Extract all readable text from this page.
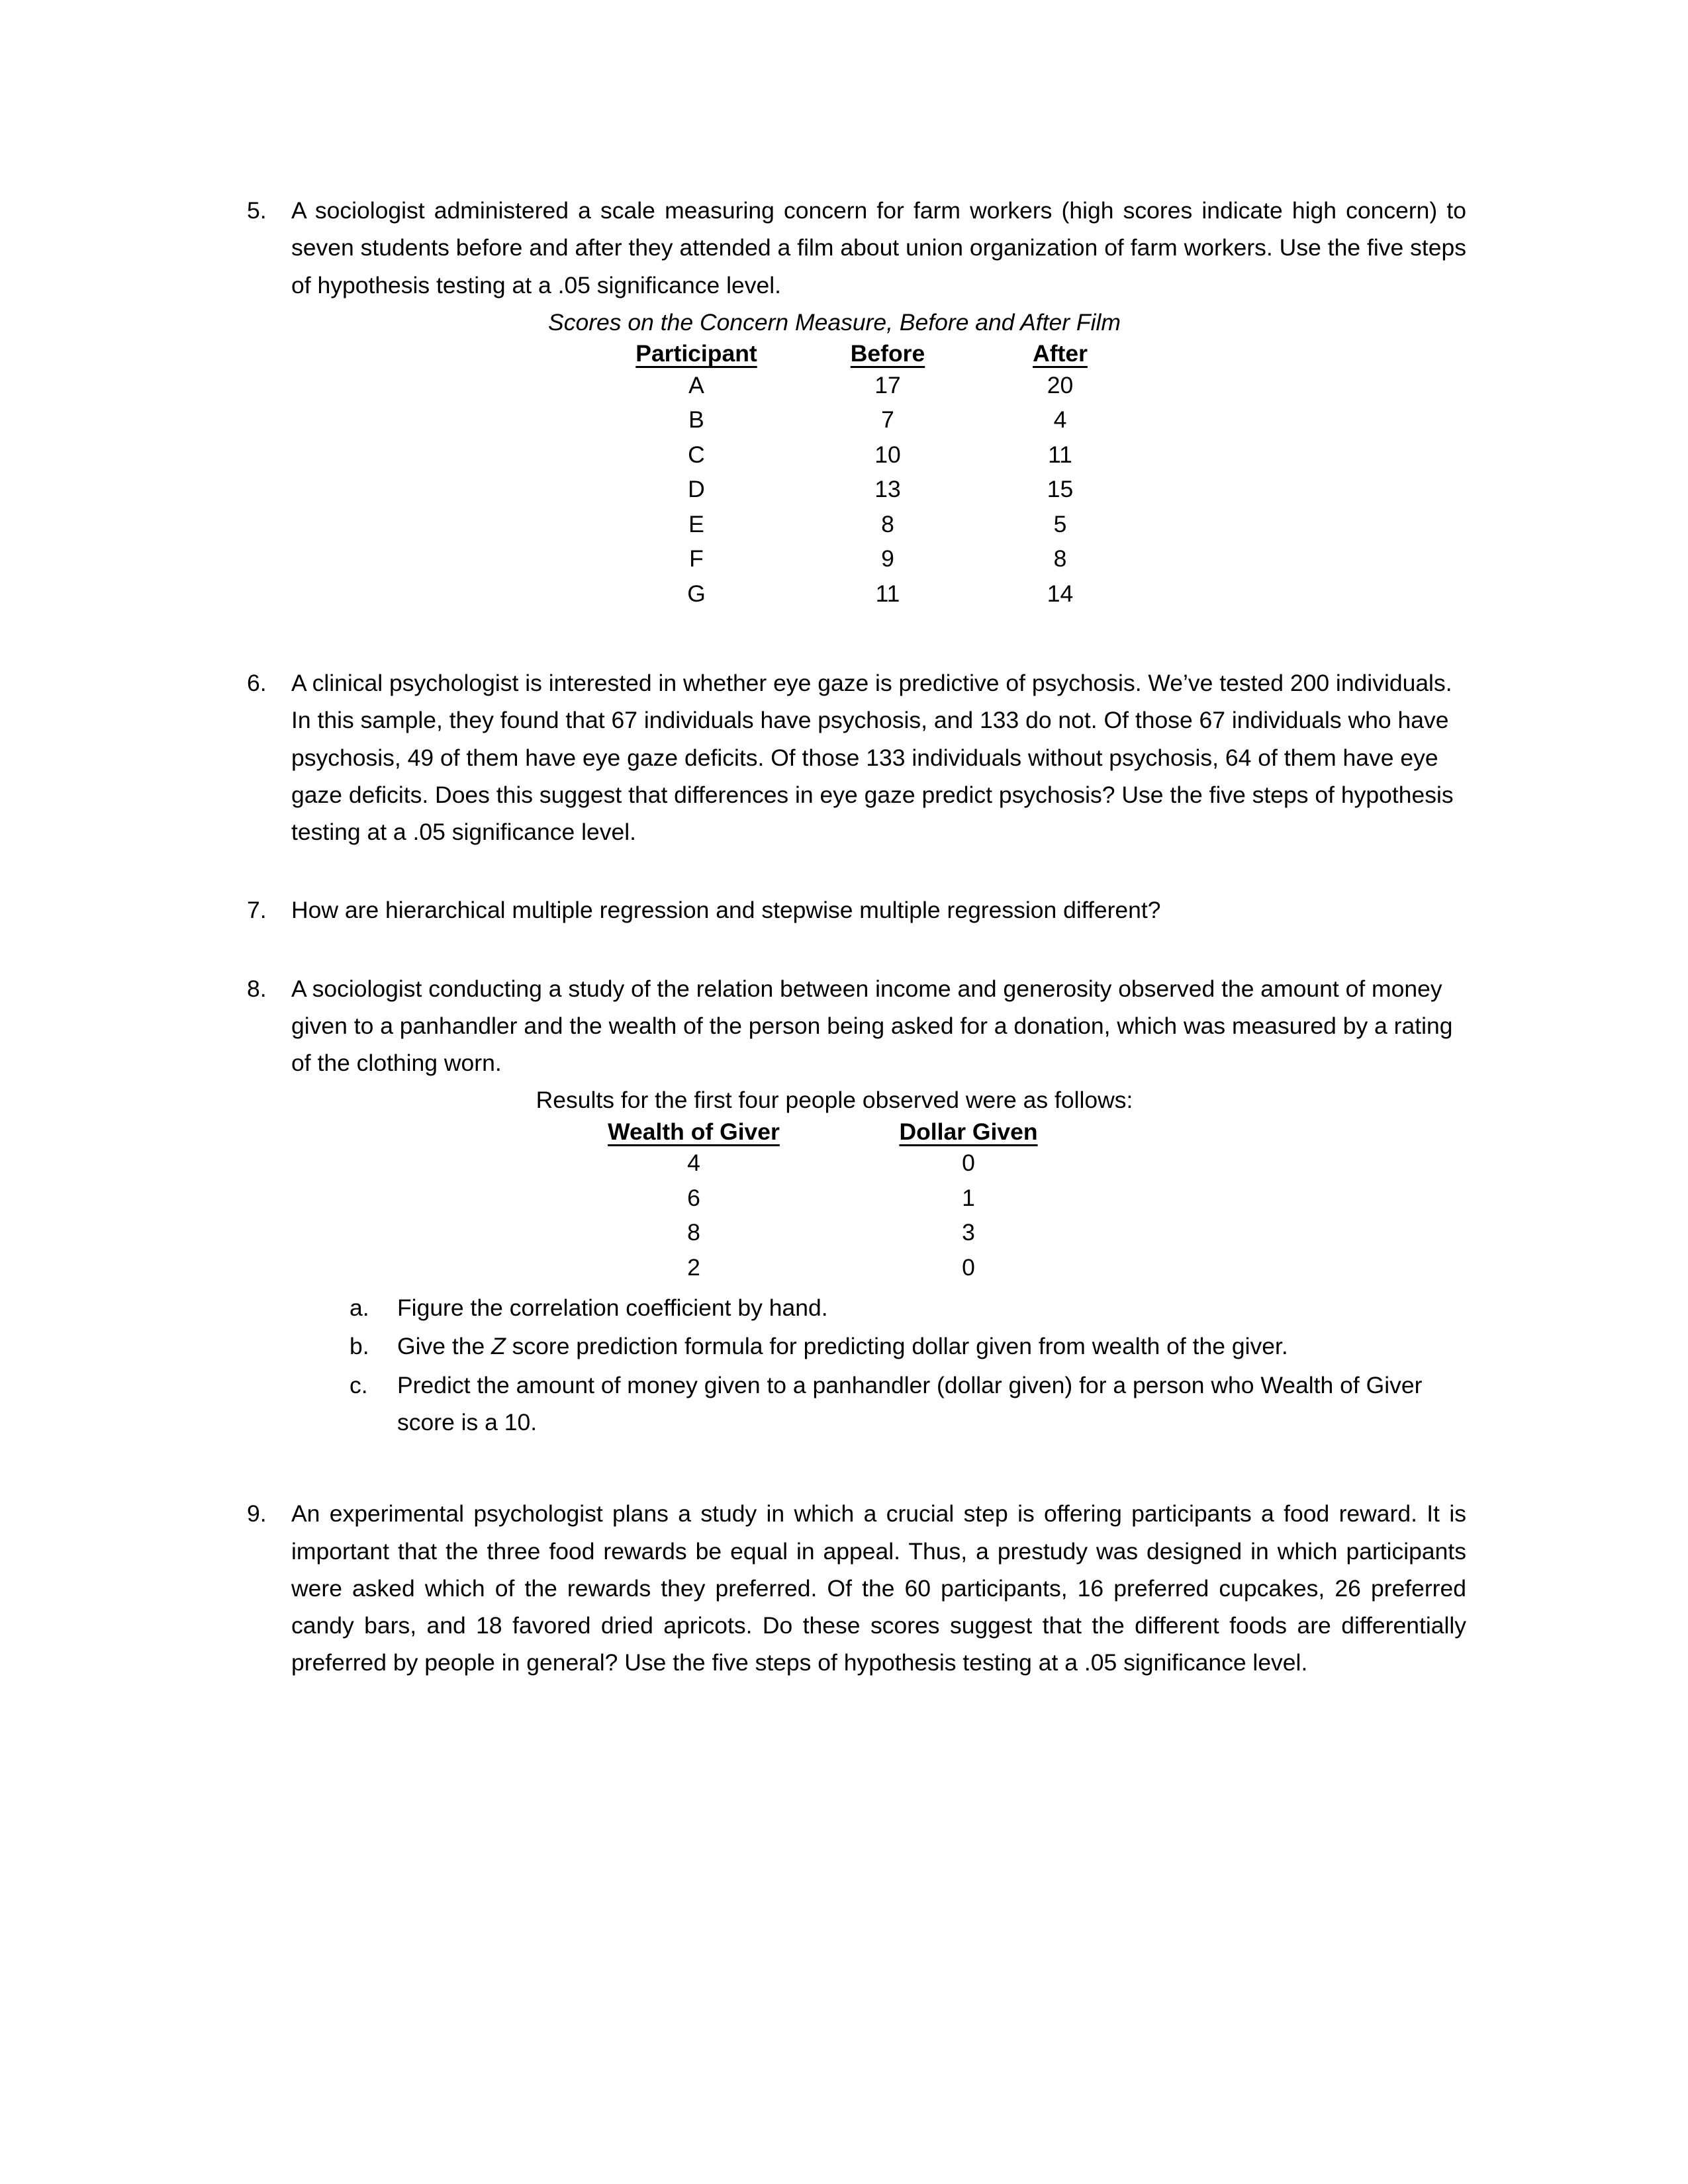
5.	A sociologist administered a scale measuring concern for farm workers (high scores indicate high concern) to seven students before and after they attended a film about union organization of farm workers. Use the five steps of hypothesis testing at a .05 significance level.
Scores on the Concern Measure, Before and After Film
Participant	Before	After
A	17	20
B	7	4
C	10	11
D	13	15
E	8	5
F	9	8
G	11	14
6.	A clinical psychologist is interested in whether eye gaze is predictive of psychosis. We’ve tested 200 individuals. In this sample, they found that 67 individuals have psychosis, and 133 do not. Of those 67 individuals who have psychosis, 49 of them have eye gaze deficits. Of those 133 individuals without psychosis, 64 of them have eye gaze deficits. Does this suggest that differences in eye gaze predict psychosis? Use the five steps of hypothesis testing at a .05 significance level.
7.	How are hierarchical multiple regression and stepwise multiple regression different?
8.	A sociologist conducting a study of the relation between income and generosity observed the amount of money given to a panhandler and the wealth of the person being asked for a donation, which was measured by a rating of the clothing worn.
Results for the first four people observed were as follows:
Wealth of Giver	Dollar Given
4	0
6	1
8	3
2	0
a.	Figure the correlation coefficient by hand.
b.	Give the Z score prediction formula for predicting dollar given from wealth of the giver.
c.	Predict the amount of money given to a panhandler (dollar given) for a person who Wealth of Giver score is a 10.
9.	An experimental psychologist plans a study in which a crucial step is offering participants a food reward. It is important that the three food rewards be equal in appeal. Thus, a prestudy was designed in which participants were asked which of the rewards they preferred. Of the 60 participants, 16 preferred cupcakes, 26 preferred candy bars, and 18 favored dried apricots. Do these scores suggest that the different foods are differentially preferred by people in general? Use the five steps of hypothesis testing at a .05 significance level.
